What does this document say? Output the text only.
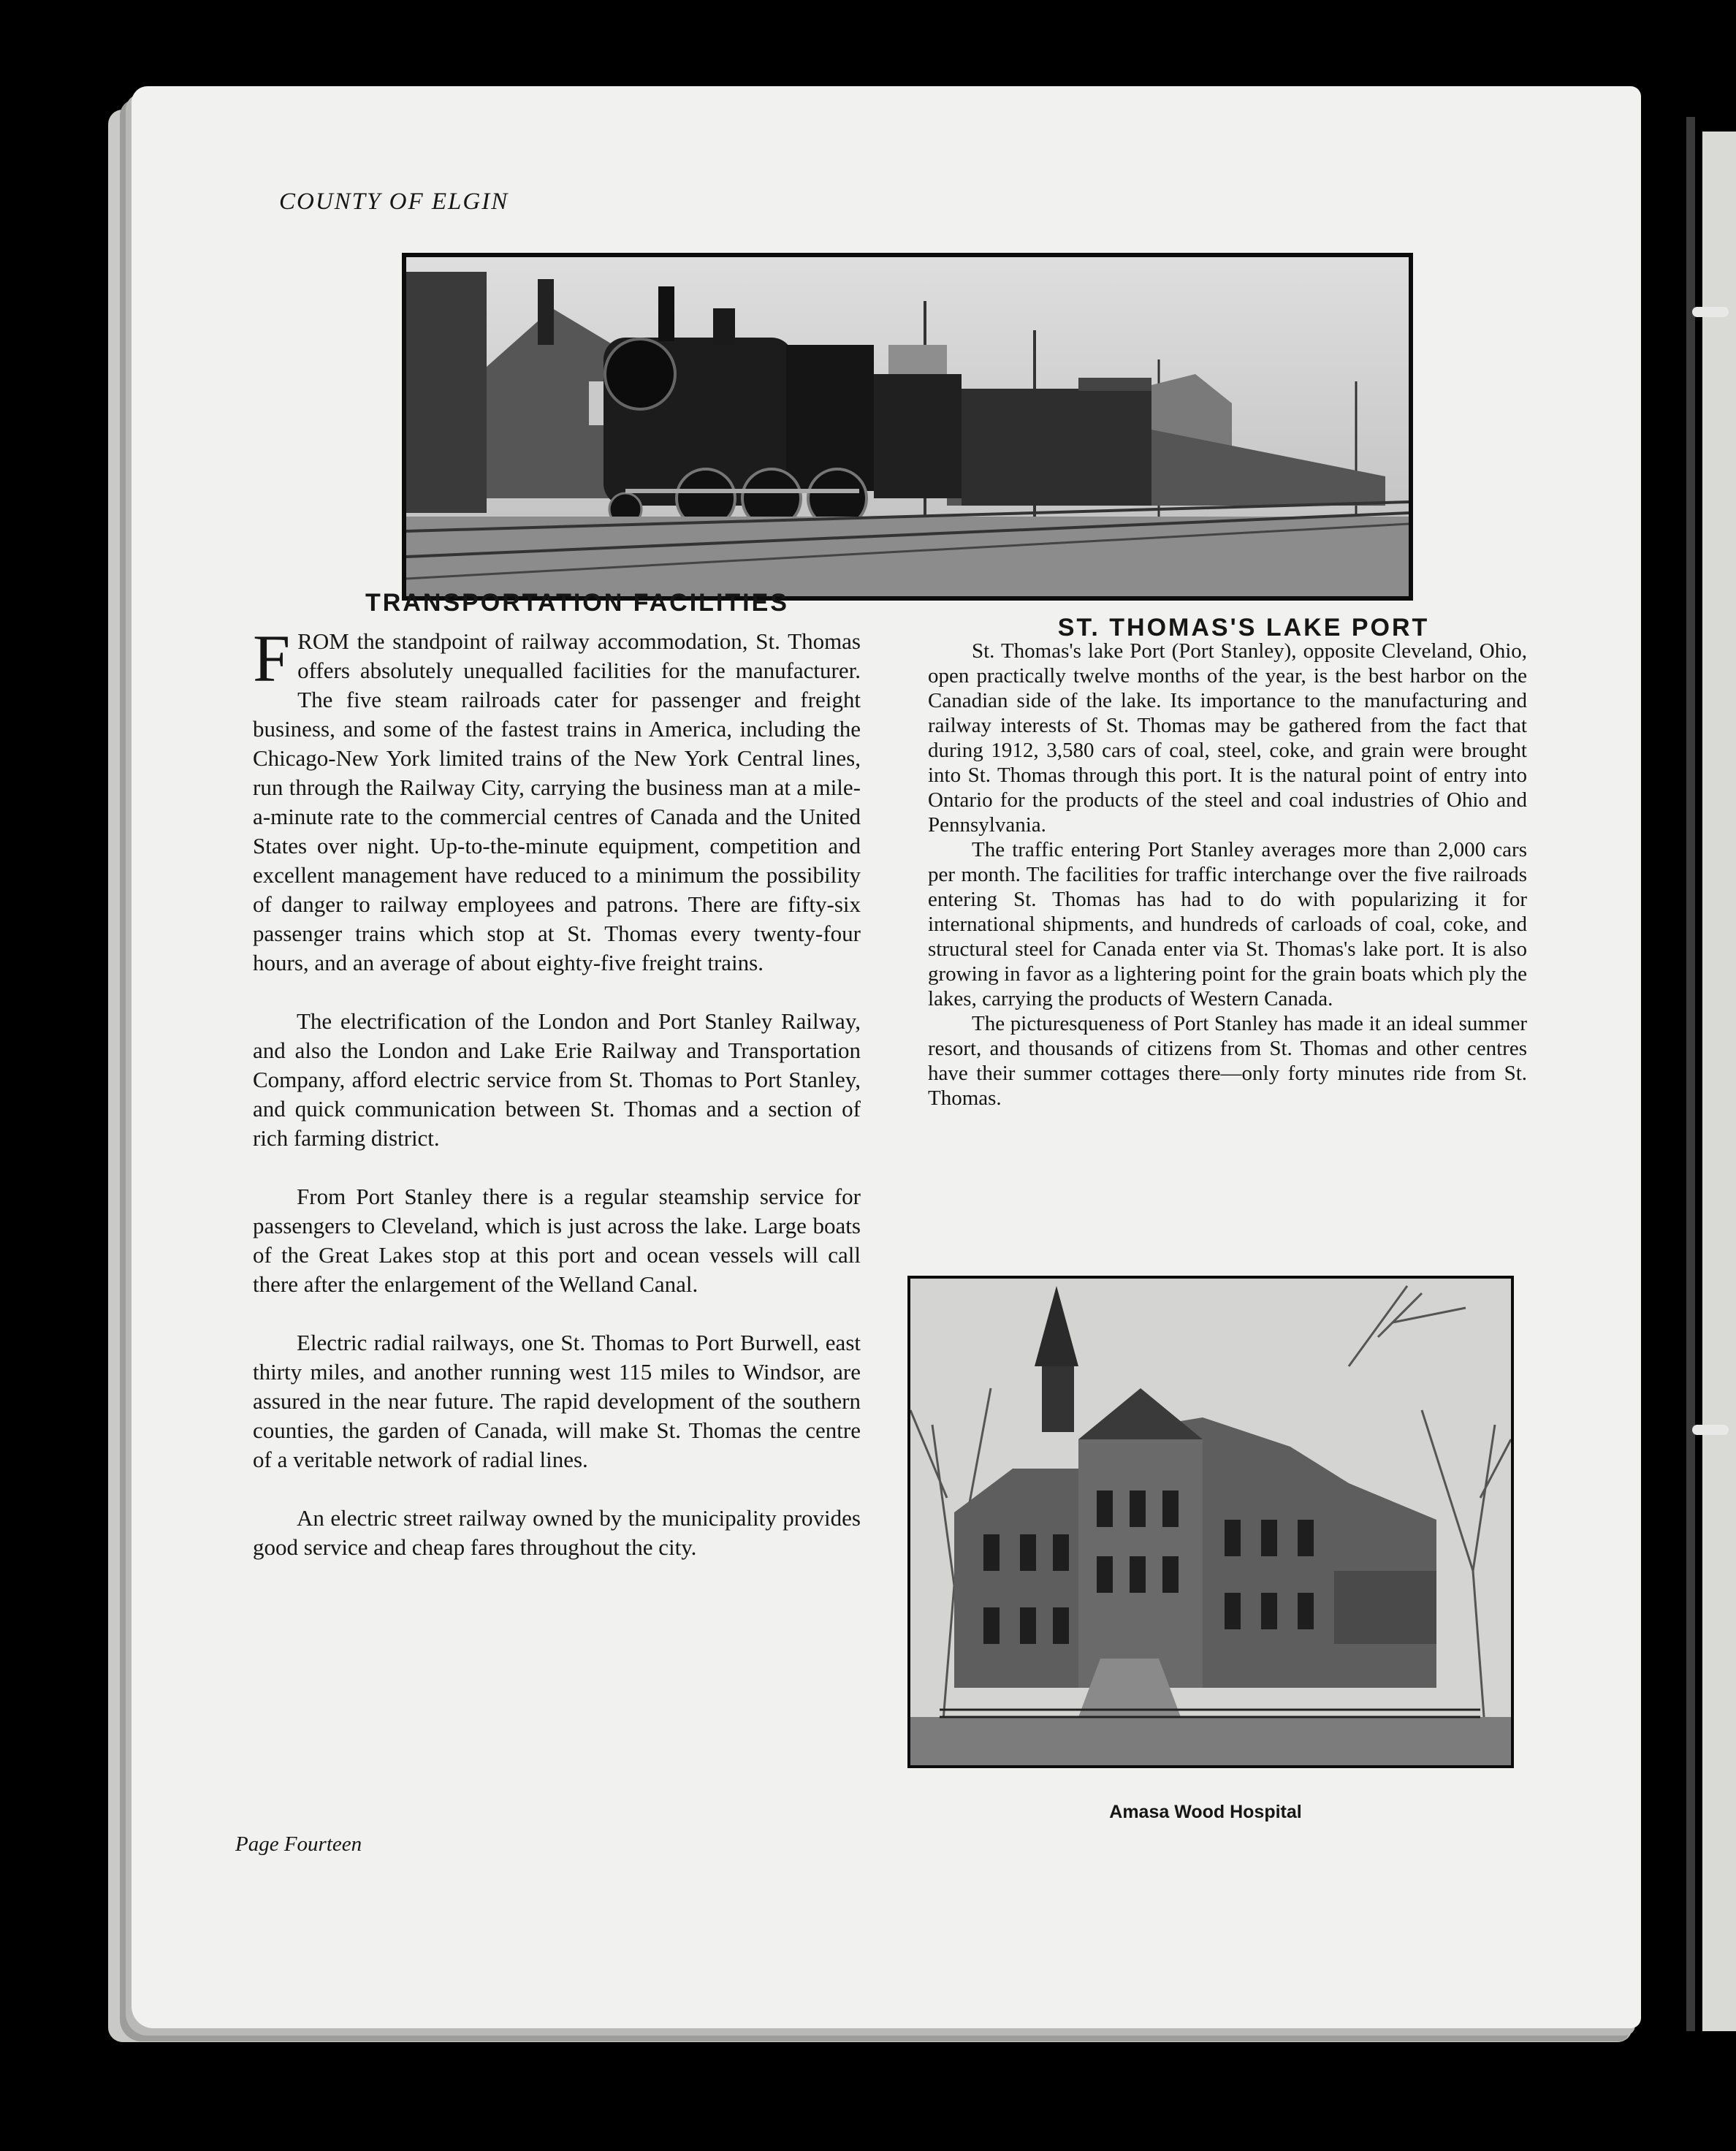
COUNTY OF ELGIN
TRANSPORTATION FACILITIES
ST. THOMAS'S LAKE PORT

FROM the standpoint of railway accommodation, St. Thomas offers absolutely unequalled facilities for the manufacturer. The five steam railroads cater for passenger and freight business, and some of the fastest trains in America, including the Chicago-New York limited trains of the New York Central lines, run through the Railway City, carrying the business man at a mile-a-minute rate to the commercial centres of Canada and the United States over night. Up-to-the-minute equipment, competition and excellent management have reduced to a minimum the possibility of danger to railway employees and patrons. There are fifty-six passenger trains which stop at St. Thomas every twenty-four hours, and an average of about eighty-five freight trains.

The electrification of the London and Port Stanley Railway, and also the London and Lake Erie Railway and Transportation Company, afford electric service from St. Thomas to Port Stanley, and quick communication between St. Thomas and a section of rich farming district.

From Port Stanley there is a regular steamship service for passengers to Cleveland, which is just across the lake. Large boats of the Great Lakes stop at this port and ocean vessels will call there after the enlargement of the Welland Canal.

Electric radial railways, one St. Thomas to Port Burwell, east thirty miles, and another running west 115 miles to Windsor, are assured in the near future. The rapid development of the southern counties, the garden of Canada, will make St. Thomas the centre of a veritable network of radial lines.

An electric street railway owned by the municipality provides good service and cheap fares throughout the city.

St. Thomas's lake Port (Port Stanley), opposite Cleveland, Ohio, open practically twelve months of the year, is the best harbor on the Canadian side of the lake. Its importance to the manufacturing and railway interests of St. Thomas may be gathered from the fact that during 1912, 3,580 cars of coal, steel, coke, and grain were brought into St. Thomas through this port. It is the natural point of entry into Ontario for the products of the steel and coal industries of Ohio and Pennsylvania.

The traffic entering Port Stanley averages more than 2,000 cars per month. The facilities for traffic interchange over the five railroads entering St. Thomas has had to do with popularizing it for international shipments, and hundreds of carloads of coal, coke, and structural steel for Canada enter via St. Thomas's lake port. It is also growing in favor as a lightering point for the grain boats which ply the lakes, carrying the products of Western Canada.

The picturesqueness of Port Stanley has made it an ideal summer resort, and thousands of citizens from St. Thomas and other centres have their summer cottages there—only forty minutes ride from St. Thomas.

Amasa Wood Hospital
Page Fourteen
